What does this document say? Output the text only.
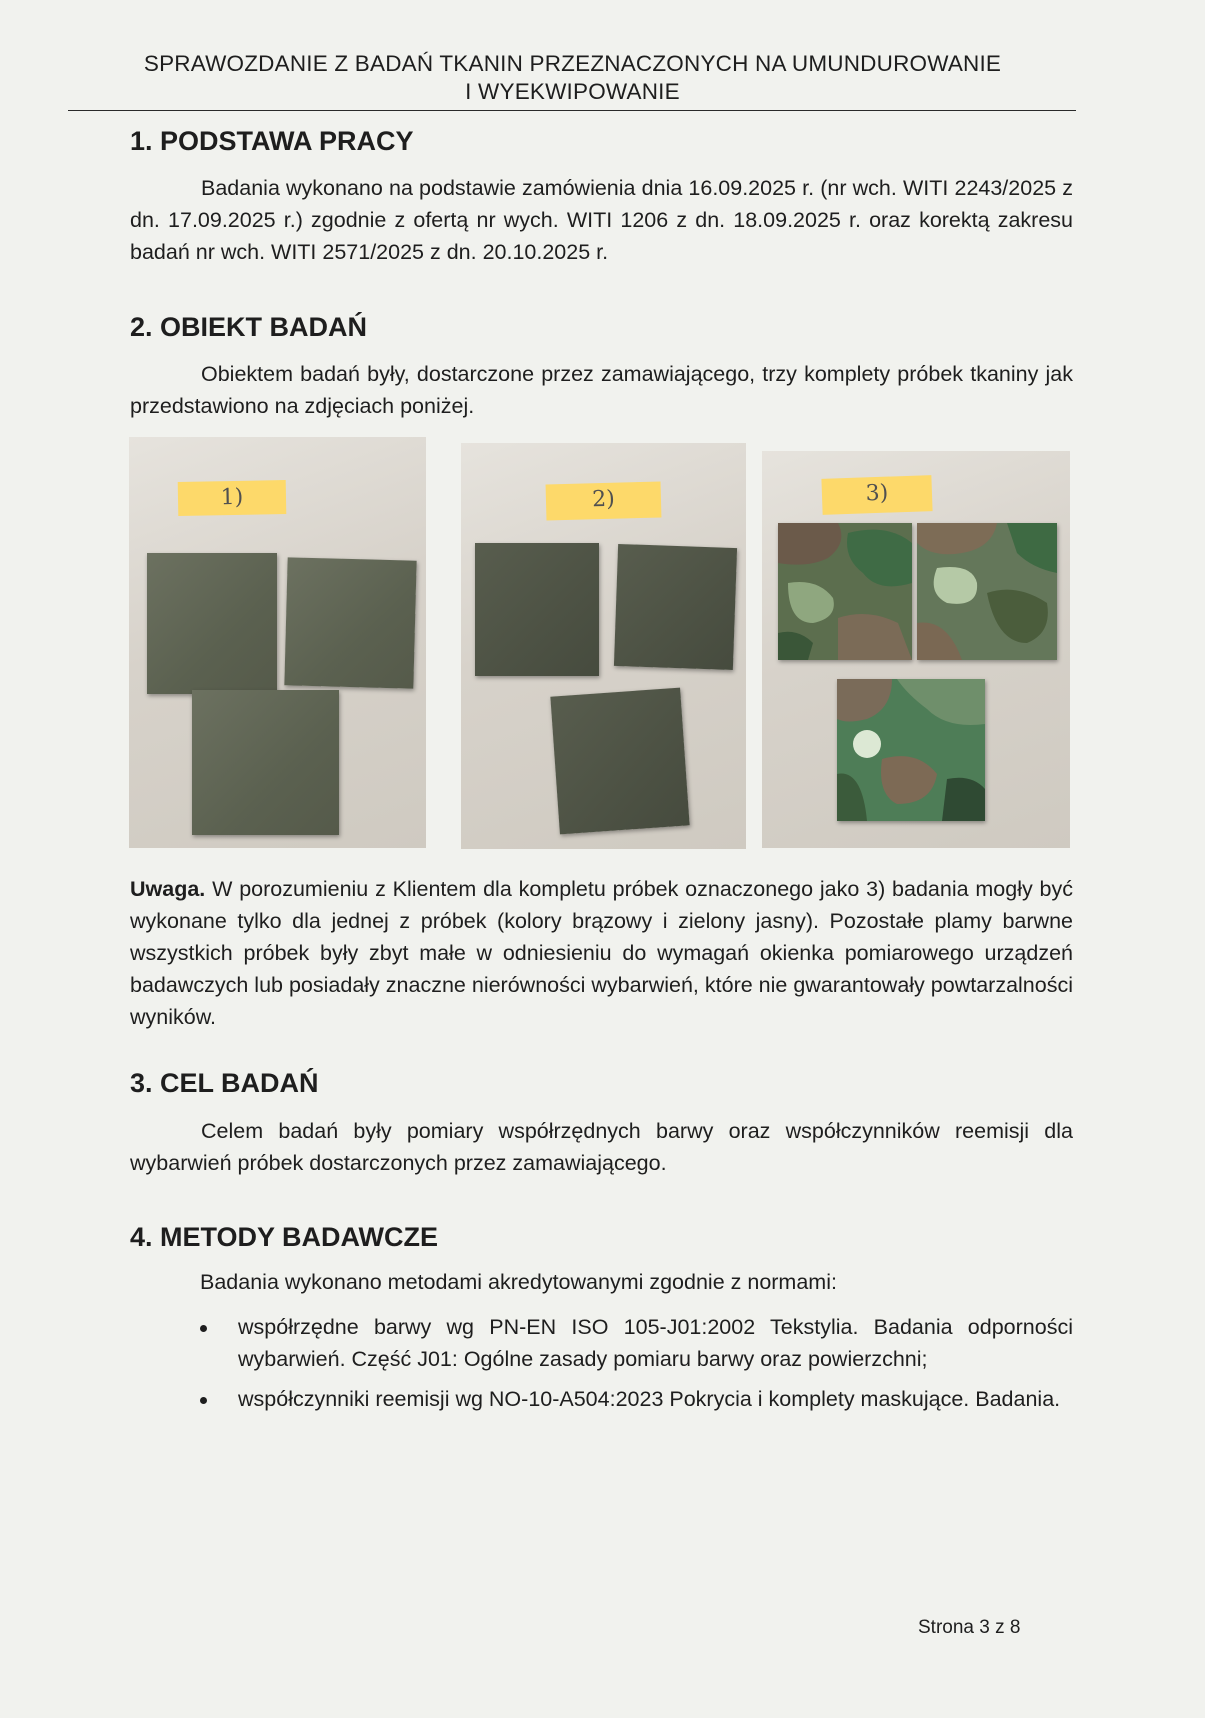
SPRAWOZDANIE Z BADAŃ TKANIN PRZEZNACZONYCH NA UMUNDUROWANIE
I WYEKWIPOWANIE
1. PODSTAWA PRACY
Badania wykonano na podstawie zamówienia dnia 16.09.2025 r. (nr wch. WITI 2243/2025 z dn. 17.09.2025 r.) zgodnie z ofertą nr wych. WITI 1206 z dn. 18.09.2025 r. oraz korektą zakresu badań nr wch. WITI 2571/2025 z dn. 20.10.2025 r.
2. OBIEKT BADAŃ
Obiektem badań były, dostarczone przez zamawiającego, trzy komplety próbek tkaniny jak przedstawiono na zdjęciach poniżej.
1)	2)	3)
Uwaga. W porozumieniu z Klientem dla kompletu próbek oznaczonego jako 3) badania mogły być wykonane tylko dla jednej z próbek (kolory brązowy i zielony jasny). Pozostałe plamy barwne wszystkich próbek były zbyt małe w odniesieniu do wymagań okienka pomiarowego urządzeń badawczych lub posiadały znaczne nierówności wybarwień, które nie gwarantowały powtarzalności wyników.
3. CEL BADAŃ
Celem badań były pomiary współrzędnych barwy oraz współczynników reemisji dla wybarwień próbek dostarczonych przez zamawiającego.
4. METODY BADAWCZE
Badania wykonano metodami akredytowanymi zgodnie z normami:
współrzędne barwy wg PN-EN ISO 105-J01:2002 Tekstylia. Badania odporności wybarwień. Część J01: Ogólne zasady pomiaru barwy oraz powierzchni;
współczynniki reemisji wg NO-10-A504:2023 Pokrycia i komplety maskujące. Badania.
Strona 3 z 8
